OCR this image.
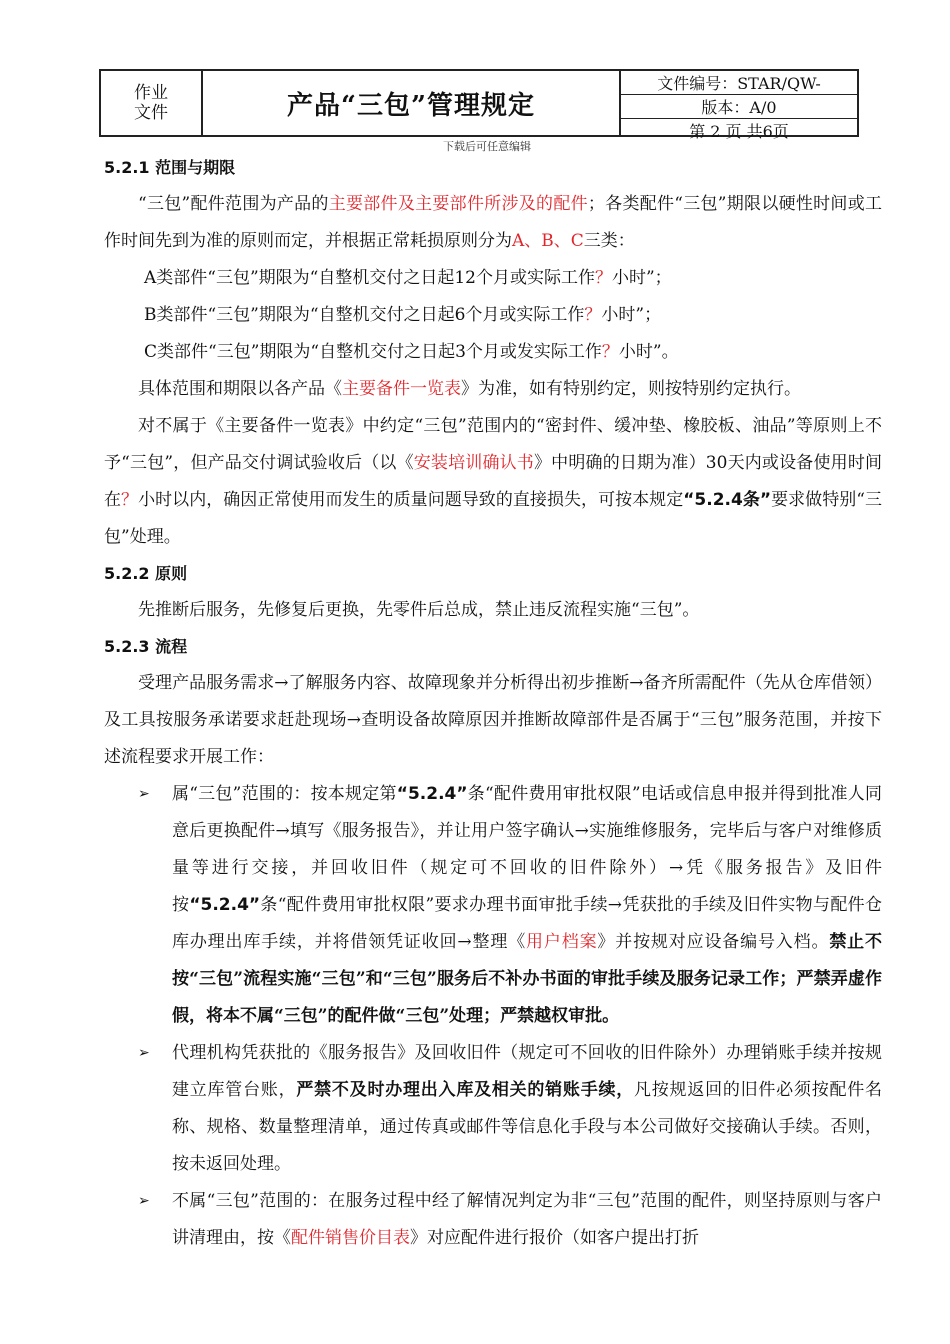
作业
文件	产品“三包”管理规定
文件编号：STAR/QW-
版本：A/0
第 2 页 共6页
下载后可任意编辑
5.2.1 范围与期限

“三包”配件范围为产品的主要部件及主要部件所涉及的配件；各类配件“三包”期限以硬性时间或工作时间先到为准的原则而定，并根据正常耗损原则分为A、B、C三类：

A类部件“三包”期限为“自整机交付之日起12个月或实际工作？小时”；
B类部件“三包”期限为“自整机交付之日起6个月或实际工作？小时”；
C类部件“三包”期限为“自整机交付之日起3个月或发实际工作？小时”。

具体范围和期限以各产品《主要备件一览表》为准，如有特别约定，则按特别约定执行。

对不属于《主要备件一览表》中约定“三包”范围内的“密封件、缓冲垫、橡胶板、油品”等原则上不予“三包”，但产品交付调试验收后（以《安装培训确认书》中明确的日期为准）30天内或设备使用时间在？小时以内，确因正常使用而发生的质量问题导致的直接损失，可按本规定“5.2.4条”要求做特别“三包”处理。

5.2.2 原则

先推断后服务，先修复后更换，先零件后总成，禁止违反流程实施“三包”。

5.2.3 流程

受理产品服务需求→了解服务内容、故障现象并分析得出初步推断→备齐所需配件（先从仓库借领）及工具按服务承诺要求赶赴现场→查明设备故障原因并推断故障部件是否属于“三包”服务范围，并按下述流程要求开展工作：

➢ 属“三包”范围的：按本规定第“5.2.4”条“配件费用审批权限”电话或信息申报并得到批准人同意后更换配件→填写《服务报告》，并让用户签字确认→实施维修服务，完毕后与客户对维修质量等进行交接，并回收旧件（规定可不回收的旧件除外）→凭《服务报告》及旧件按“5.2.4”条“配件费用审批权限”要求办理书面审批手续→凭获批的手续及旧件实物与配件仓库办理出库手续，并将借领凭证收回→整理《用户档案》并按规对应设备编号入档。禁止不按“三包”流程实施“三包”和“三包”服务后不补办书面的审批手续及服务记录工作；严禁弄虚作假，将本不属“三包”的配件做“三包”处理；严禁越权审批。
➢ 代理机构凭获批的《服务报告》及回收旧件（规定可不回收的旧件除外）办理销账手续并按规建立库管台账，严禁不及时办理出入库及相关的销账手续，凡按规返回的旧件必须按配件名称、规格、数量整理清单，通过传真或邮件等信息化手段与本公司做好交接确认手续。否则，按未返回处理。
➢ 不属“三包”范围的：在服务过程中经了解情况判定为非“三包”范围的配件，则坚持原则与客户讲清理由，按《配件销售价目表》对应配件进行报价（如客户提出打折
